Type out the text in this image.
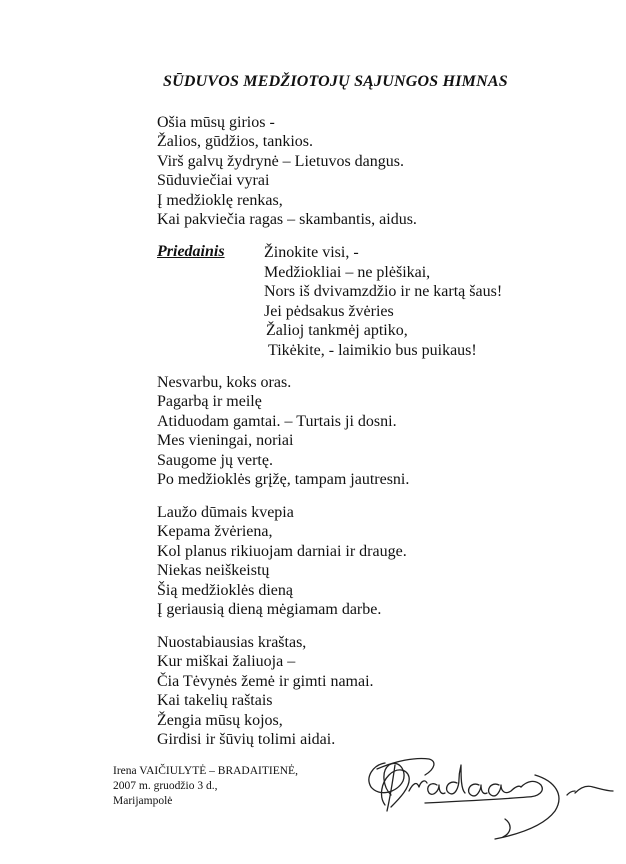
SŪDUVOS MEDŽIOTOJŲ SĄJUNGOS HIMNAS
Ošia mūsų girios -
Žalios, gūdžios, tankios.
Virš galvų žydrynė – Lietuvos dangus.
Sūduviečiai vyrai
Į medžioklę renkas,
Kai pakviečia ragas – skambantis, aidus.
Priedainis Žinokite visi, -
Medžiokliai – ne plėšikai,
Nors iš dvivamzdžio ir ne kartą šaus!
Jei pėdsakus žvėries
Žalioj tankmėj aptiko,
Tikėkite, - laimikio bus puikaus!
Nesvarbu, koks oras.
Pagarbą ir meilę
Atiduodam gamtai. – Turtais ji dosni.
Mes vieningai, noriai
Saugome jų vertę.
Po medžioklės grįžę, tampam jautresni.
Laužo dūmais kvepia
Kepama žvėriena,
Kol planus rikiuojam darniai ir drauge.
Niekas neiškeistų
Šią medžioklės dieną
Į geriausią dieną mėgiamam darbe.
Nuostabiausias kraštas,
Kur miškai žaliuoja –
Čia Tėvynės žemė ir gimti namai.
Kai takelių raštais
Žengia mūsų kojos,
Girdisi ir šūvių tolimi aidai.
Irena VAIČIULYTĖ – BRADAITIENĖ,
2007 m. gruodžio 3 d.,
Marijampolė
